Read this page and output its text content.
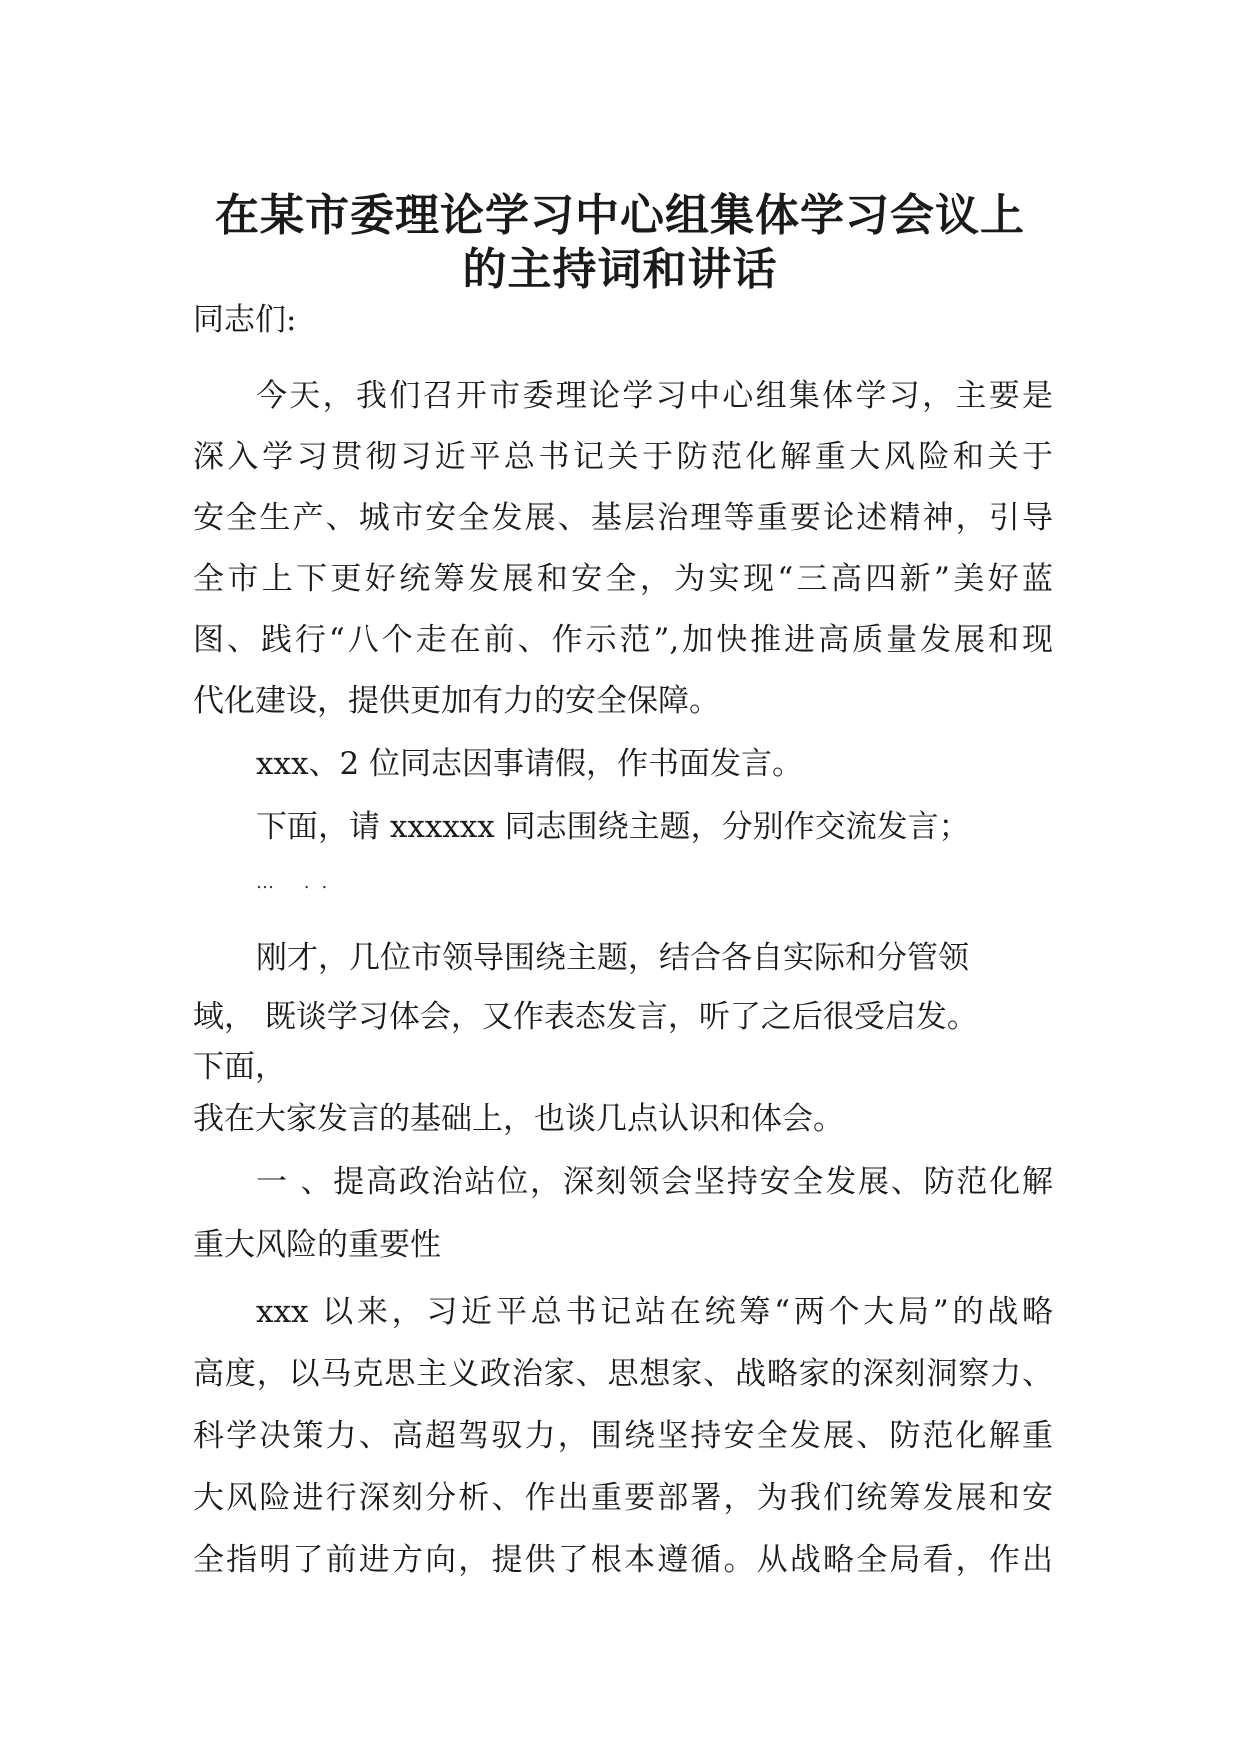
在某市委理论学习中心组集体学习会议上
的主持词和讲话
同志们:
今天，我们召开市委理论学习中心组集体学习，主要是
深入学习贯彻习近平总书记关于防范化解重大风险和关于
安全生产、城市安全发展、基层治理等重要论述精神，引导
全市上下更好统筹发展和安全，为实现“三高四新”美好蓝
图、践行“八个走在前、作示范”,加快推进高质量发展和现
代化建设，提供更加有力的安全保障。
xxx、2 位同志因事请假，作书面发言。
下面，请 xxxxxx 同志围绕主题，分别作交流发言；
… ..
刚才，几位市领导围绕主题，结合各自实际和分管领
域， 既谈学习体会，又作表态发言，听了之后很受启发。
下面，
我在大家发言的基础上，也谈几点认识和体会。
一 、提高政治站位，深刻领会坚持安全发展、防范化解
重大风险的重要性
xxx 以来，习近平总书记站在统筹“两个大局”的战略
高度，以马克思主义政治家、思想家、战略家的深刻洞察力、
科学决策力、高超驾驭力，围绕坚持安全发展、防范化解重
大风险进行深刻分析、作出重要部署，为我们统筹发展和安
全指明了前进方向，提供了根本遵循。从战略全局看，作出
